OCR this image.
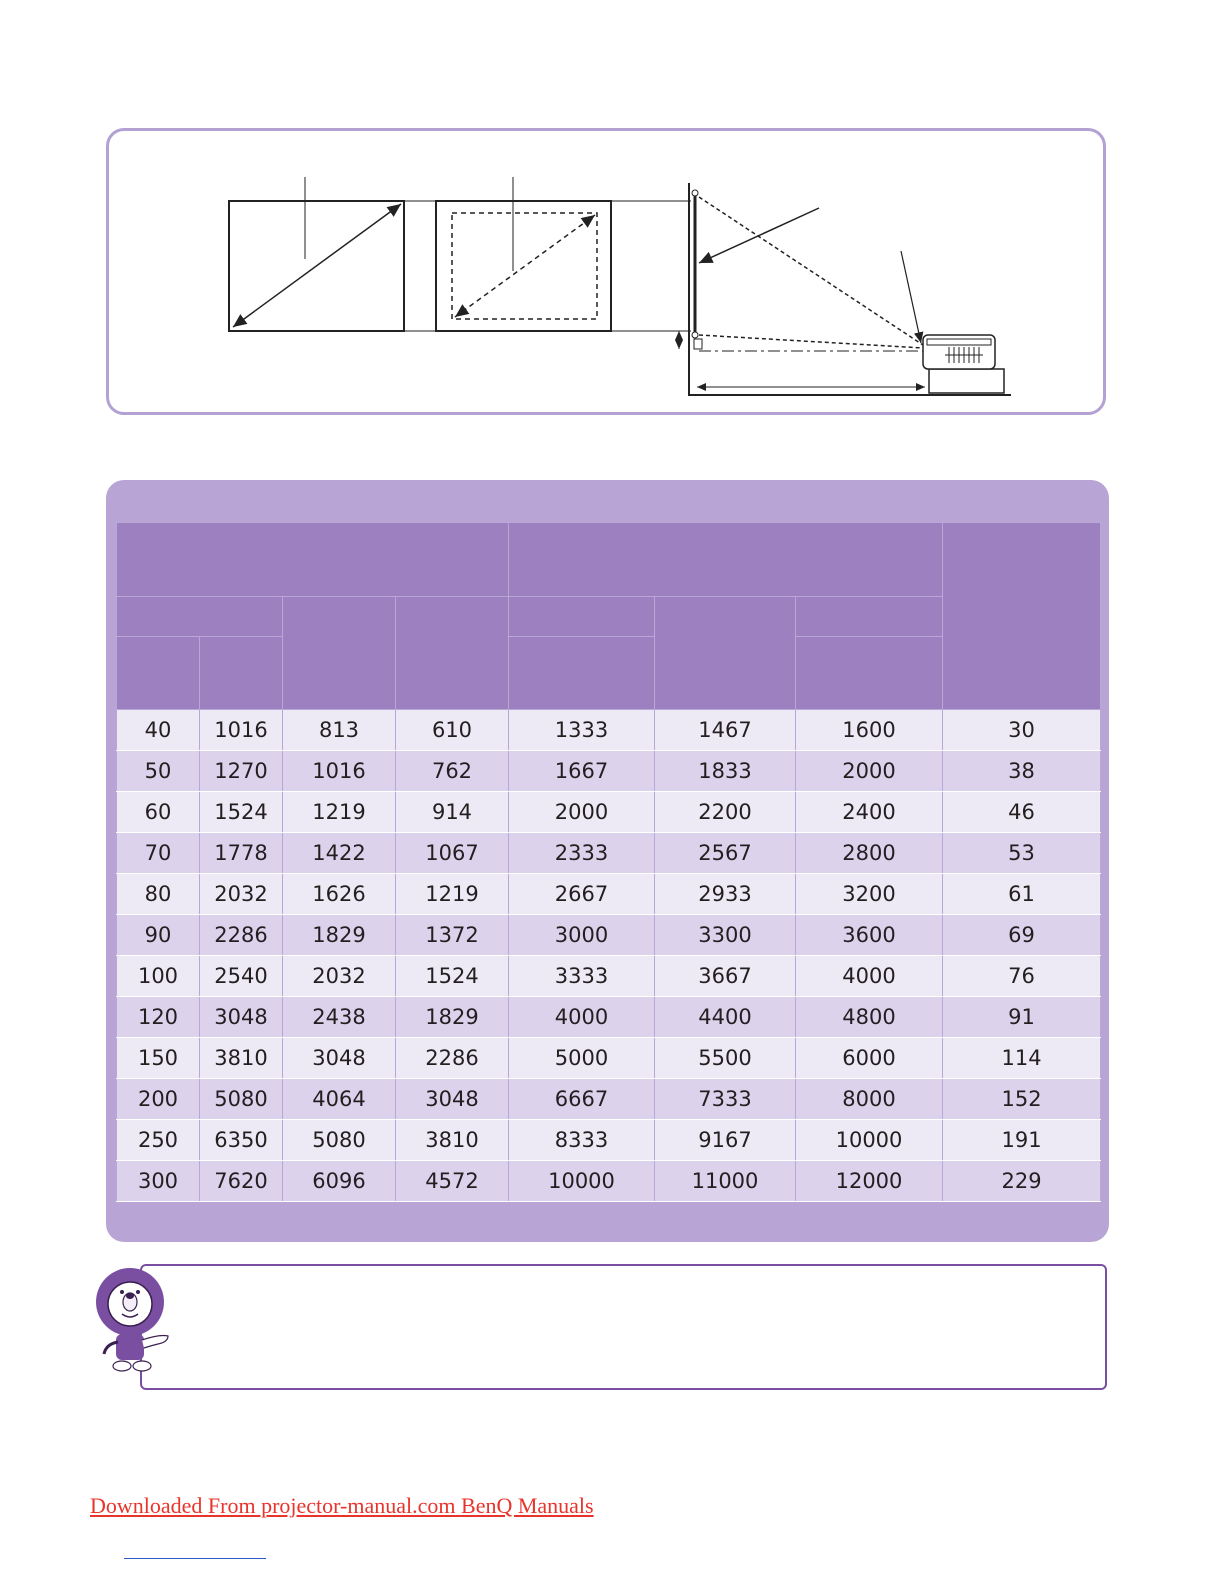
40	1016	813	610	1333	1467	1600	30
50	1270	1016	762	1667	1833	2000	38
60	1524	1219	914	2000	2200	2400	46
70	1778	1422	1067	2333	2567	2800	53
80	2032	1626	1219	2667	2933	3200	61
90	2286	1829	1372	3000	3300	3600	69
100	2540	2032	1524	3333	3667	4000	76
120	3048	2438	1829	4000	4400	4800	91
150	3810	3048	2286	5000	5500	6000	114
200	5080	4064	3048	6667	7333	8000	152
250	6350	5080	3810	8333	9167	10000	191
300	7620	6096	4572	10000	11000	12000	229
Downloaded From projector-manual.com BenQ Manuals
